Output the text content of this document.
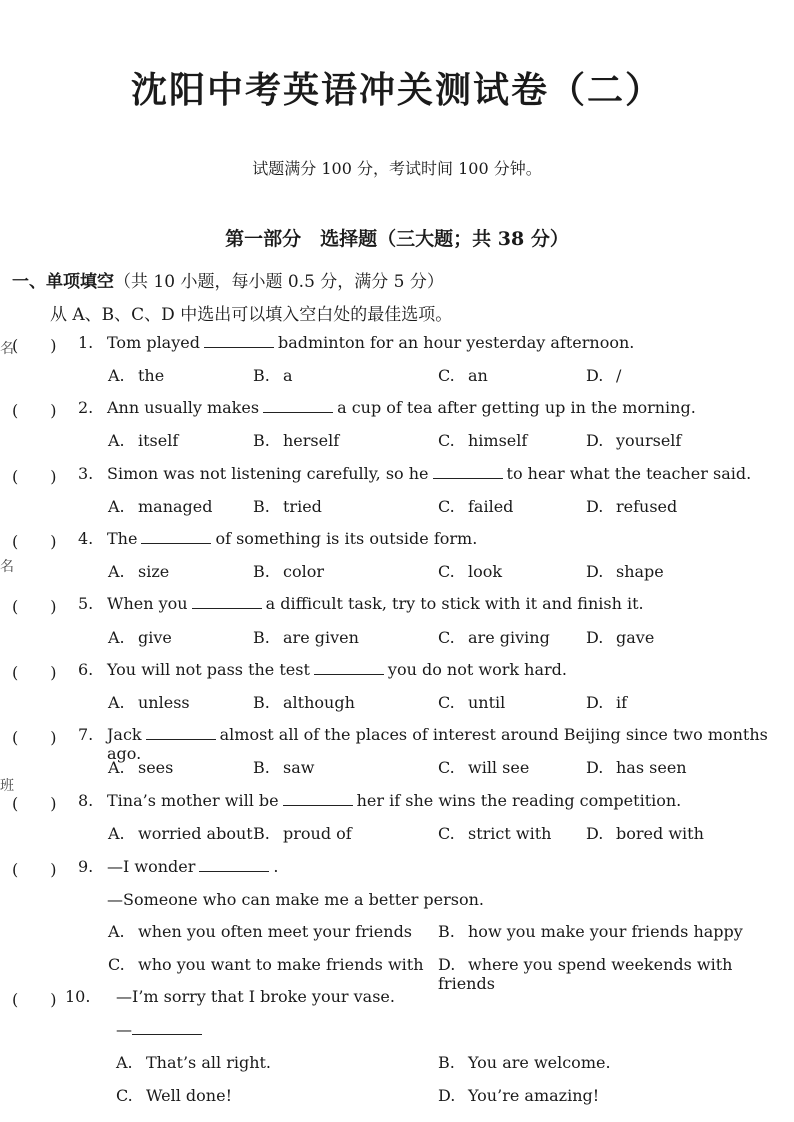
沈阳中考英语冲关测试卷（二）
试题满分 100 分，考试时间 100 分钟。
第一部分　选择题（三大题；共 38 分）
一、单项填空（共 10 小题，每小题 0.5 分，满分 5 分）
从 A、B、C、D 中选出可以填入空白处的最佳选项。
名
名
班
(　　) 1. Tom played	badminton for an hour yesterday afternoon.
A. the	B. a	C. an	D. /
(　　) 2. Ann usually makes	a cup of tea after getting up in the morning.
A. itself	B. herself	C. himself	D. yourself
(　　) 3. Simon was not listening carefully, so he	to hear what the teacher said.
A. managed	B. tried	C. failed	D. refused
(　　) 4. The	of something is its outside form.
A. size	B. color	C. look	D. shape
(　　) 5. When you	a difficult task, try to stick with it and finish it.
A. give	B. are given	C. are giving D. gave
(　　) 6. You will not pass the test	you do not work hard.
A. unless	B. although	C. until	D. if
(　　) 7. Jack	almost all of the places of interest around Beijing since two months ago.
A. sees	B. saw	C. will see	D. has seen
(　　) 8. Tina’s mother will be	her if she wins the reading competition.
A. worried about B. proud of	C. strict with D. bored with
(　　) 9. —I wonder	.
—Someone who can make me a better person.
A. when you often meet your friends B. how you make your friends happy
C. who you want to make friends with D. where you spend weekends with friends
(　　) 10. —I’m sorry that I broke your vase.
—
A. That’s all right.	B. You are welcome.
C. Well done!	D. You’re amazing!
